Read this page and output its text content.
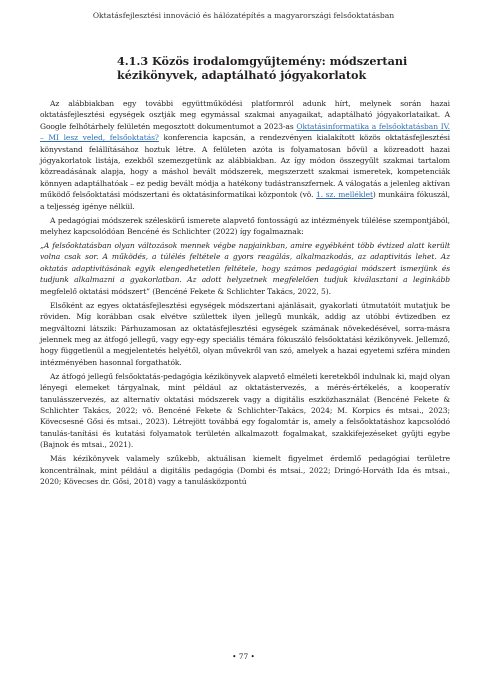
Oktatásfejlesztési innováció és hálózatépítés a magyarországi felsőoktatásban
4.1.3 Közös irodalomgyűjtemény: módszertani
kézikönyvek, adaptálható jógyakorlatok

Az alábbiakban egy további együttműködési platformról adunk hírt, melynek során hazai oktatásfejlesztési egységek osztják meg egymással szakmai anyagaikat, adaptálható jógyakorlataikat. A Google felhőtárhely felületén megosztott dokumentumot a 2023-as Oktatásinformatika a felsőoktatásban IV. – MI lesz veled, felsőoktatás? konferencia kapcsán, a rendezvényen kialakított közös oktatásfejlesztési könyvstand felállításához hoztuk létre. A felületen azóta is folyamatosan bővül a közreadott hazai jógyakorlatok listája, ezekből szemezgetünk az alábbiakban. Az így módon összegyűlt szakmai tartalom közreadásának alapja, hogy a máshol bevált módszerek, megszerzett szakmai ismeretek, kompetenciák könnyen adaptálhatóak – ez pedig bevált módja a hatékony tudástranszfernek. A válogatás a jelenleg aktívan működő felsőoktatási módszertani és oktatásinformatikai központok (vö. 1. sz. melléklet) munkáira fókuszál, a teljesség igénye nélkül.

A pedagógiai módszerek széleskörű ismerete alapvető fontosságú az intézmények túlélése szempontjából, melyhez kapcsolódóan Bencéné és Schlichter (2022) így fogalmaznak:

„A felsőoktatásban olyan változások mennek végbe napjainkban, amire egyébként több évtized alatt került volna csak sor. A működés, a túlélés feltétele a gyors reagálás, alkalmazkodás, az adaptivitás lehet. Az oktatás adaptivitásának egyik elengedhetetlen feltétele, hogy számos pedagógiai módszert ismerjünk és tudjunk alkalmazni a gyakorlatban. Az adott helyzetnek megfelelően tudjuk kiválasztani a leginkább megfelelő oktatási módszert” (Bencéné Fekete & Schlichter Takács, 2022, 5).

Elsőként az egyes oktatásfejlesztési egységek módszertani ajánlásait, gyakorlati útmutatóit mutatjuk be röviden. Míg korábban csak elvétve születtek ilyen jellegű munkák, addig az utóbbi évtizedben ez megváltozni látszik: Párhuzamosan az oktatásfejlesztési egységek számának növekedésével, sorra-másra jelennek meg az átfogó jellegű, vagy egy-egy speciális témára fókuszáló felsőoktatási kézikönyvek. Jellemző, hogy függetlenül a megjelentetés helyétől, olyan művekről van szó, amelyek a hazai egyetemi szféra minden intézményében hasonnal forgathatók.

Az átfogó jellegű felsőoktatás-pedagógia kézikönyvek alapvető elméleti keretekből indulnak ki, majd olyan lényegi elemeket tárgyalnak, mint például az oktatástervezés, a mérés-értékelés, a kooperatív tanulásszervezés, az alternatív oktatási módszerek vagy a digitális eszközhasználat (Bencéné Fekete & Schlichter Takács, 2022; vö. Bencéné Fekete & Schlichter-Takács, 2024; M. Korpics és mtsai., 2023; Kövecsesné Gősi és mtsai., 2023). Létrejött továbbá egy fogalomtár is, amely a felsőoktatáshoz kapcsolódó tanulás-tanítási és kutatási folyamatok területén alkalmazott fogalmakat, szakkifejezéseket gyűjti egybe (Bajnok és mtsai., 2021).

Más kézikönyvek valamely szűkebb, aktuálisan kiemelt figyelmet érdemlő pedagógiai területre koncentrálnak, mint például a digitális pedagógia (Dombi és mtsai., 2022; Dringó-Horváth Ida és mtsai., 2020; Kövecses dr. Gősi, 2018) vagy a tanulásközpontú

• 77 •
